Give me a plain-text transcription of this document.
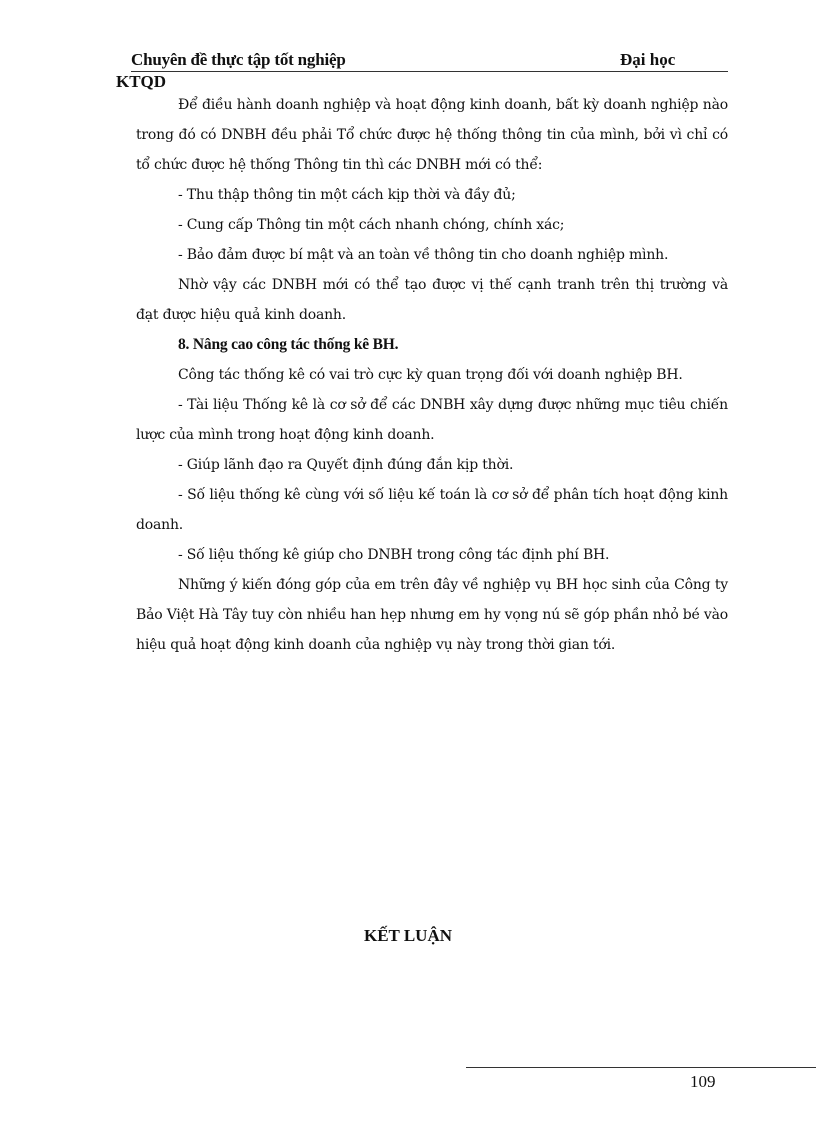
Chuyên đề thực tập tốt nghiệp	Đại học
KTQD

Để điều hành doanh nghiệp và hoạt động kinh doanh, bất kỳ doanh nghiệp nào trong đó có DNBH đều phải Tổ chức được hệ thống thông tin của mình, bởi vì chỉ có tổ chức được hệ thống Thông tin thì các DNBH mới có thể:

- Thu thập thông tin một cách kịp thời và đầy đủ;

- Cung cấp Thông tin một cách nhanh chóng, chính xác;

- Bảo đảm được bí mật và an toàn về thông tin cho doanh nghiệp mình.

Nhờ vậy các DNBH mới có thể tạo được vị thế cạnh tranh trên thị trường và đạt được hiệu quả kinh doanh.

8. Nâng cao công tác thống kê BH.

Công tác thống kê có vai trò cực kỳ quan trọng đối với doanh nghiệp BH.

- Tài liệu Thống kê là cơ sở để các DNBH xây dựng được những mục tiêu chiến lược của mình trong hoạt động kinh doanh.

- Giúp lãnh đạo ra Quyết định đúng đắn kịp thời.

- Số liệu thống kê cùng với số liệu kế toán là cơ sở để phân tích hoạt động kinh doanh.

- Số liệu thống kê giúp cho DNBH trong công tác định phí BH.

Những ý kiến đóng góp của em trên đây về nghiệp vụ BH học sinh của Công ty Bảo Việt Hà Tây tuy còn nhiều han hẹp nhưng em hy vọng nú sẽ góp phần nhỏ bé vào hiệu quả hoạt động kinh doanh của nghiệp vụ này trong thời gian tới.

KẾT LUẬN
109
